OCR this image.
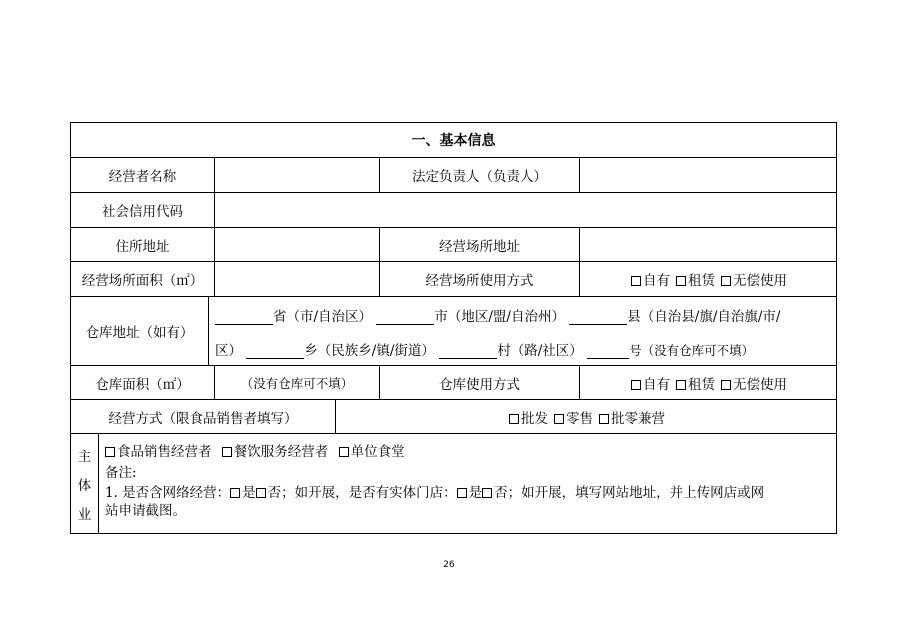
一、基本信息
经营者名称	法定负责人（负责人）
社会信用代码
住所地址	经营场所地址
经营场所面积（㎡）	经营场所使用方式	自有	租赁	无偿使用
仓库地址（如有）
省（市/自治区）	市（地区/盟/自治州）	县（自治县/旗/自治旗/市/
区）	乡（民族乡/镇/街道）	村（路/社区）	号（没有仓库可不填）
仓库面积（㎡）	（没有仓库可不填）	仓库使用方式	自有	租赁	无偿使用
经营方式（限食品销售者填写）	批发	零售	批零兼营
主
体
业
食品销售经营者 餐饮服务经营者 单位食堂
备注:
1. 是否含网络经营： 是 否；如开展，是否有实体门店： 是 否；如开展，填写网站地址，并上传网店或网
站申请截图。
26
